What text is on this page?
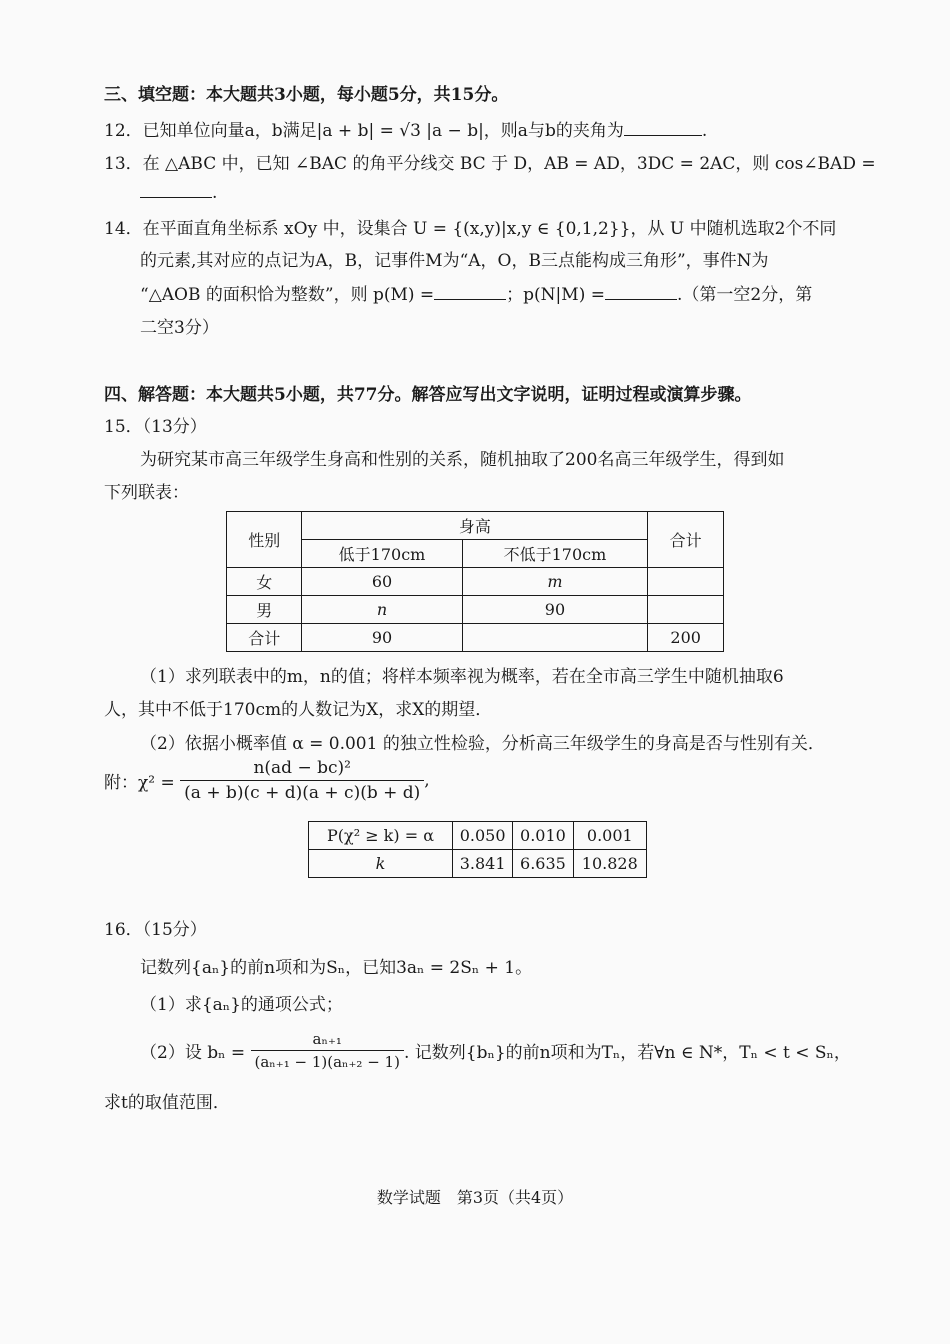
三、填空题：本大题共3小题，每小题5分，共15分。
12．已知单位向量a，b满足|a + b| = √3 |a − b|，则a与b的夹角为	.
13．在 △ABC 中，已知 ∠BAC 的角平分线交 BC 于 D，AB = AD，3DC = 2AC，则 cos∠BAD =
.
14．在平面直角坐标系 xOy 中，设集合 U = {(x,y)|x,y ∈ {0,1,2}}，从 U 中随机选取2个不同
的元素,其对应的点记为A，B，记事件M为“A，O，B三点能构成三角形”，事件N为
“△AOB 的面积恰为整数”，则 p(M) =	；p(N|M) =	.（第一空2分，第
二空3分）
四、解答题：本大题共5小题，共77分。解答应写出文字说明，证明过程或演算步骤。
15．（13分）
为研究某市高三年级学生身高和性别的关系，随机抽取了200名高三年级学生，得到如
下列联表：
性别	身高		合计
	低于170cm	不低于170cm	
女	60	m	
男	n	90	
合计	90		200
（1）求列联表中的m，n的值；将样本频率视为概率，若在全市高三学生中随机抽取6
人，其中不低于170cm的人数记为X，求X的期望．
（2）依据小概率值 α = 0.001 的独立性检验，分析高三年级学生的身高是否与性别有关．
附：$\chi^2 = \frac{\text{n(ad − bc)²}}{(a + b)(c + d)(a + c)(b + d)}$ ,
P(χ² ≥ k) = α	0.050	0.010	0.001
k	3.841	6.635	10.828
16．（15分）
记数列{aₙ}的前n项和为Sₙ，已知3aₙ = 2Sₙ + 1。
（1）求{aₙ}的通项公式；
（2）设 $b_n = \frac{\text{aₙ₊₁}}{\text{(aₙ₊₁ − 1)(aₙ₊₂ − 1)}}$ . 记数列{bₙ}的前n项和为Tₙ，若∀n ∈ N*，Tₙ < t < Sₙ，
求t的取值范围．
数学试题　第3页（共4页）
